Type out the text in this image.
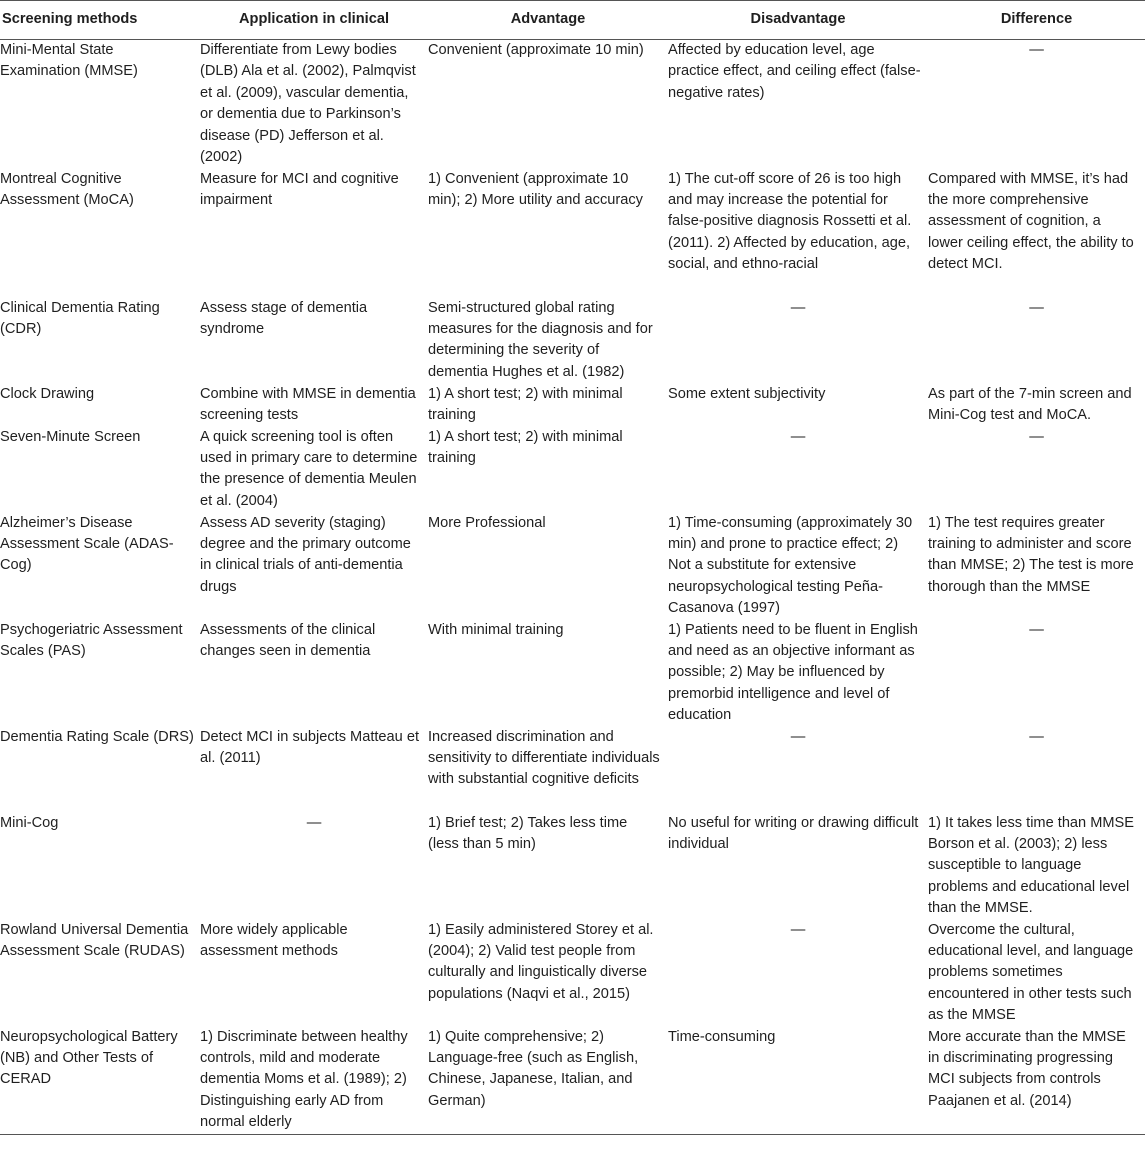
Screening methods	Application in clinical	Advantage	Disadvantage	Difference

Mini-Mental State Examination (MMSE)	Differentiate from Lewy bodies (DLB) Ala et al. (2002), Palmqvist et al. (2009), vascular dementia, or dementia due to Parkinson’s disease (PD) Jefferson et al. (2002)	Convenient (approximate 10 min)	Affected by education level, age practice effect, and ceiling effect (false-negative rates)	—

Montreal Cognitive Assessment (MoCA)	Measure for MCI and cognitive impairment	1) Convenient (approximate 10 min); 2) More utility and accuracy	1) The cut-off score of 26 is too high and may increase the potential for false-positive diagnosis Rossetti et al. (2011). 2) Affected by education, age, social, and ethno-racial	Compared with MMSE, it’s had the more comprehensive assessment of cognition, a lower ceiling effect, the ability to detect MCI.

Clinical Dementia Rating (CDR)	Assess stage of dementia syndrome	Semi-structured global rating measures for the diagnosis and for determining the severity of dementia Hughes et al. (1982)	—	—

Clock Drawing	Combine with MMSE in dementia screening tests	1) A short test; 2) with minimal training	Some extent subjectivity	As part of the 7-min screen and Mini-Cog test and MoCA.

Seven-Minute Screen	A quick screening tool is often used in primary care to determine the presence of dementia Meulen et al. (2004)	1) A short test; 2) with minimal training	—	—

Alzheimer’s Disease Assessment Scale (ADAS-Cog)	Assess AD severity (staging) degree and the primary outcome in clinical trials of anti-dementia drugs	More Professional	1) Time-consuming (approximately 30 min) and prone to practice effect; 2) Not a substitute for extensive neuropsychological testing Peña-Casanova (1997)	1) The test requires greater training to administer and score than MMSE; 2) The test is more thorough than the MMSE

Psychogeriatric Assessment Scales (PAS)	Assessments of the clinical changes seen in dementia	With minimal training	1) Patients need to be fluent in English and need as an objective informant as possible; 2) May be influenced by premorbid intelligence and level of education	—

Dementia Rating Scale (DRS)	Detect MCI in subjects Matteau et al. (2011)	Increased discrimination and sensitivity to differentiate individuals with substantial cognitive deficits	—	—

Mini-Cog	—	1) Brief test; 2) Takes less time (less than 5 min)	No useful for writing or drawing difficult individual	1) It takes less time than MMSE Borson et al. (2003); 2) less susceptible to language problems and educational level than the MMSE.

Rowland Universal Dementia Assessment Scale (RUDAS)	More widely applicable assessment methods	1) Easily administered Storey et al. (2004); 2) Valid test people from culturally and linguistically diverse populations (Naqvi et al., 2015)	—	Overcome the cultural, educational level, and language problems sometimes encountered in other tests such as the MMSE

Neuropsychological Battery (NB) and Other Tests of CERAD	1) Discriminate between healthy controls, mild and moderate dementia Moms et al. (1989); 2) Distinguishing early AD from normal elderly	1) Quite comprehensive; 2) Language-free (such as English, Chinese, Japanese, Italian, and German)	Time-consuming	More accurate than the MMSE in discriminating progressing MCI subjects from controls Paajanen et al. (2014)
